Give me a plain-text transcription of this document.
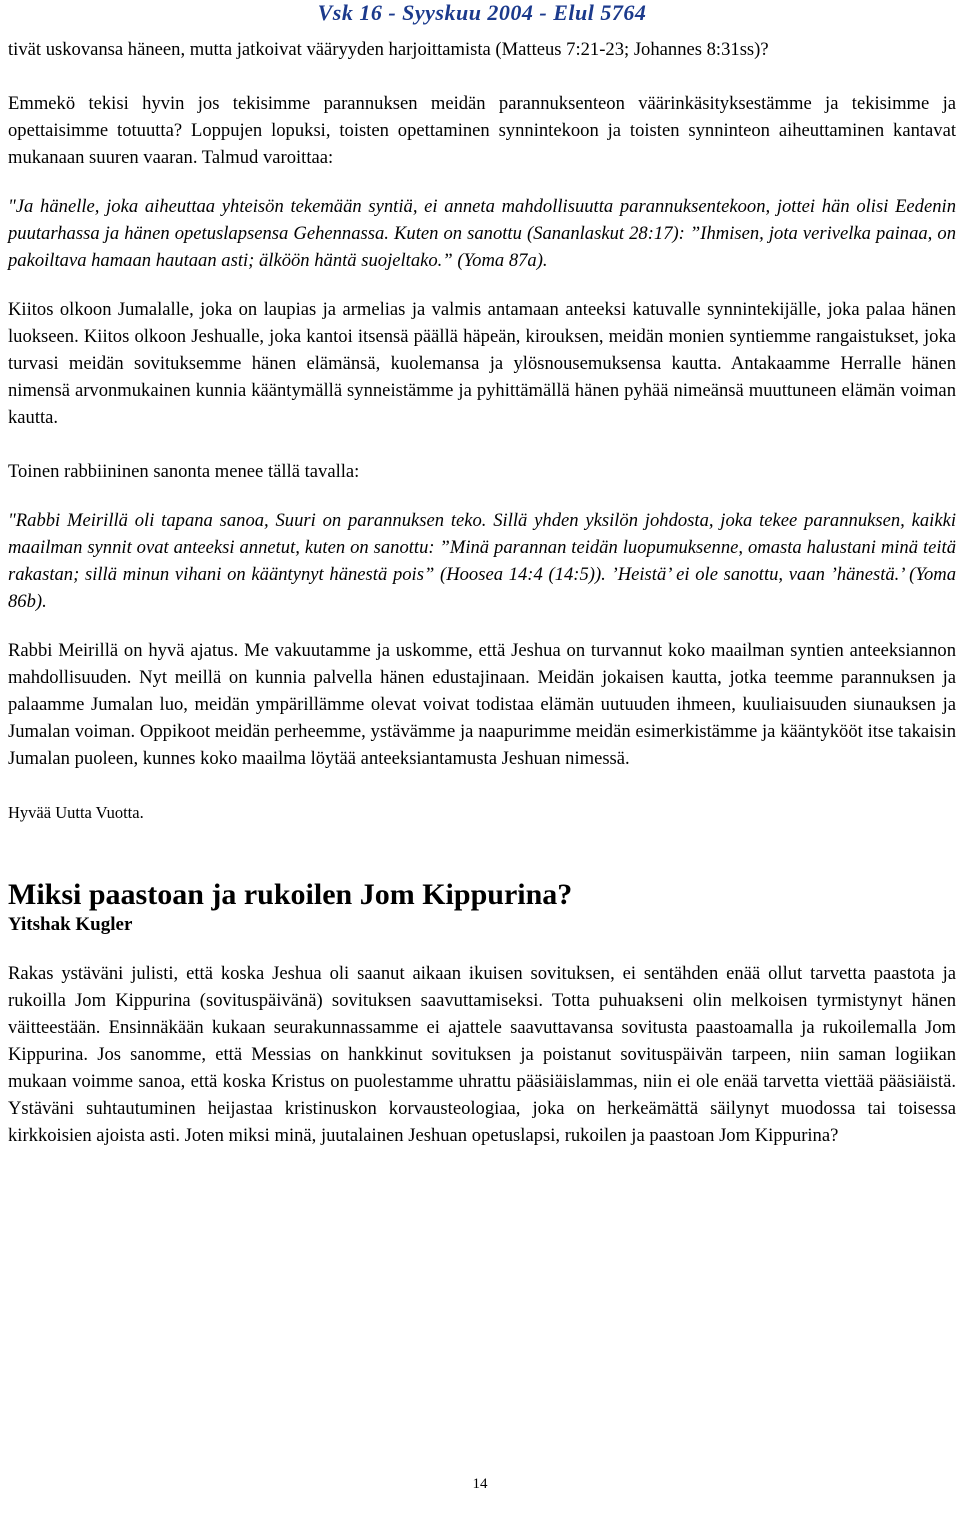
Vsk 16 - Syyskuu 2004 - Elul 5764

tivät uskovansa häneen, mutta jatkoivat vääryyden harjoittamista (Matteus 7:21-23; Johannes 8:31ss)?

Emmekö tekisi hyvin jos tekisimme parannuksen meidän parannuksenteon väärinkäsityksestämme ja tekisimme ja opettaisimme totuutta? Loppujen lopuksi, toisten opettaminen synnintekoon ja toisten synninteon aiheuttaminen kantavat mukanaan suuren vaaran. Talmud varoittaa:

"Ja hänelle, joka aiheuttaa yhteisön tekemään syntiä, ei anneta mahdollisuutta parannuksentekoon, jottei hän olisi Eedenin puutarhassa ja hänen opetuslapsensa Gehennassa. Kuten on sanottu (Sananlaskut 28:17): ”Ihmisen, jota verivelka painaa, on pakoiltava hamaan hautaan asti; älköön häntä suojeltako.” (Yoma 87a).

Kiitos olkoon Jumalalle, joka on laupias ja armelias ja valmis antamaan anteeksi katuvalle synnintekijälle, joka palaa hänen luokseen. Kiitos olkoon Jeshualle, joka kantoi itsensä päällä häpeän, kirouksen, meidän monien syntiemme rangaistukset, joka turvasi meidän sovituksemme hänen elämänsä, kuolemansa ja ylösnousemuksensa kautta. Antakaamme Herralle hänen nimensä arvonmukainen kunnia kääntymällä synneistämme ja pyhittämällä hänen pyhää nimeänsä muuttuneen elämän voiman kautta.

Toinen rabbiininen sanonta menee tällä tavalla:

"Rabbi Meirillä oli tapana sanoa, Suuri on parannuksen teko. Sillä yhden yksilön johdosta, joka tekee parannuksen, kaikki maailman synnit ovat anteeksi annetut, kuten on sanottu: ”Minä parannan teidän luopumuksenne, omasta halustani minä teitä rakastan; sillä minun vihani on kääntynyt hänestä pois” (Hoosea 14:4 (14:5)). ’Heistä’ ei ole sanottu, vaan ’hänestä.’ (Yoma 86b).

Rabbi Meirillä on hyvä ajatus. Me vakuutamme ja uskomme, että Jeshua on turvannut koko maailman syntien anteeksiannon mahdollisuuden. Nyt meillä on kunnia palvella hänen edustajinaan. Meidän jokaisen kautta, jotka teemme parannuksen ja palaamme Jumalan luo, meidän ympärillämme olevat voivat todistaa elämän uutuuden ihmeen, kuuliaisuuden siunauksen ja Jumalan voiman. Oppikoot meidän perheemme, ystävämme ja naapurimme meidän esimerkistämme ja kääntykööt itse takaisin Jumalan puoleen, kunnes koko maailma löytää anteeksiantamusta Jeshuan nimessä.

Hyvää Uutta Vuotta.

Miksi paastoan ja rukoilen Jom Kippurina?
Yitshak Kugler

Rakas ystäväni julisti, että koska Jeshua oli saanut aikaan ikuisen sovituksen, ei sentähden enää ollut tarvetta paastota ja rukoilla Jom Kippurina (sovituspäivänä) sovituksen saavuttamiseksi. Totta puhuakseni olin melkoisen tyrmistynyt hänen väitteestään. Ensinnäkään kukaan seurakunnassamme ei ajattele saavuttavansa sovitusta paastoamalla ja rukoilemalla Jom Kippurina. Jos sanomme, että Messias on hankkinut sovituksen ja poistanut sovituspäivän tarpeen, niin saman logiikan mukaan voimme sanoa, että koska Kristus on puolestamme uhrattu pääsiäislammas, niin ei ole enää tarvetta viettää pääsiäistä. Ystäväni suhtautuminen heijastaa kristinuskon korvausteologiaa, joka on herkeämättä säilynyt muodossa tai toisessa kirkkoisien ajoista asti. Joten miksi minä, juutalainen Jeshuan opetuslapsi, rukoilen ja paastoan Jom Kippurina?

14
